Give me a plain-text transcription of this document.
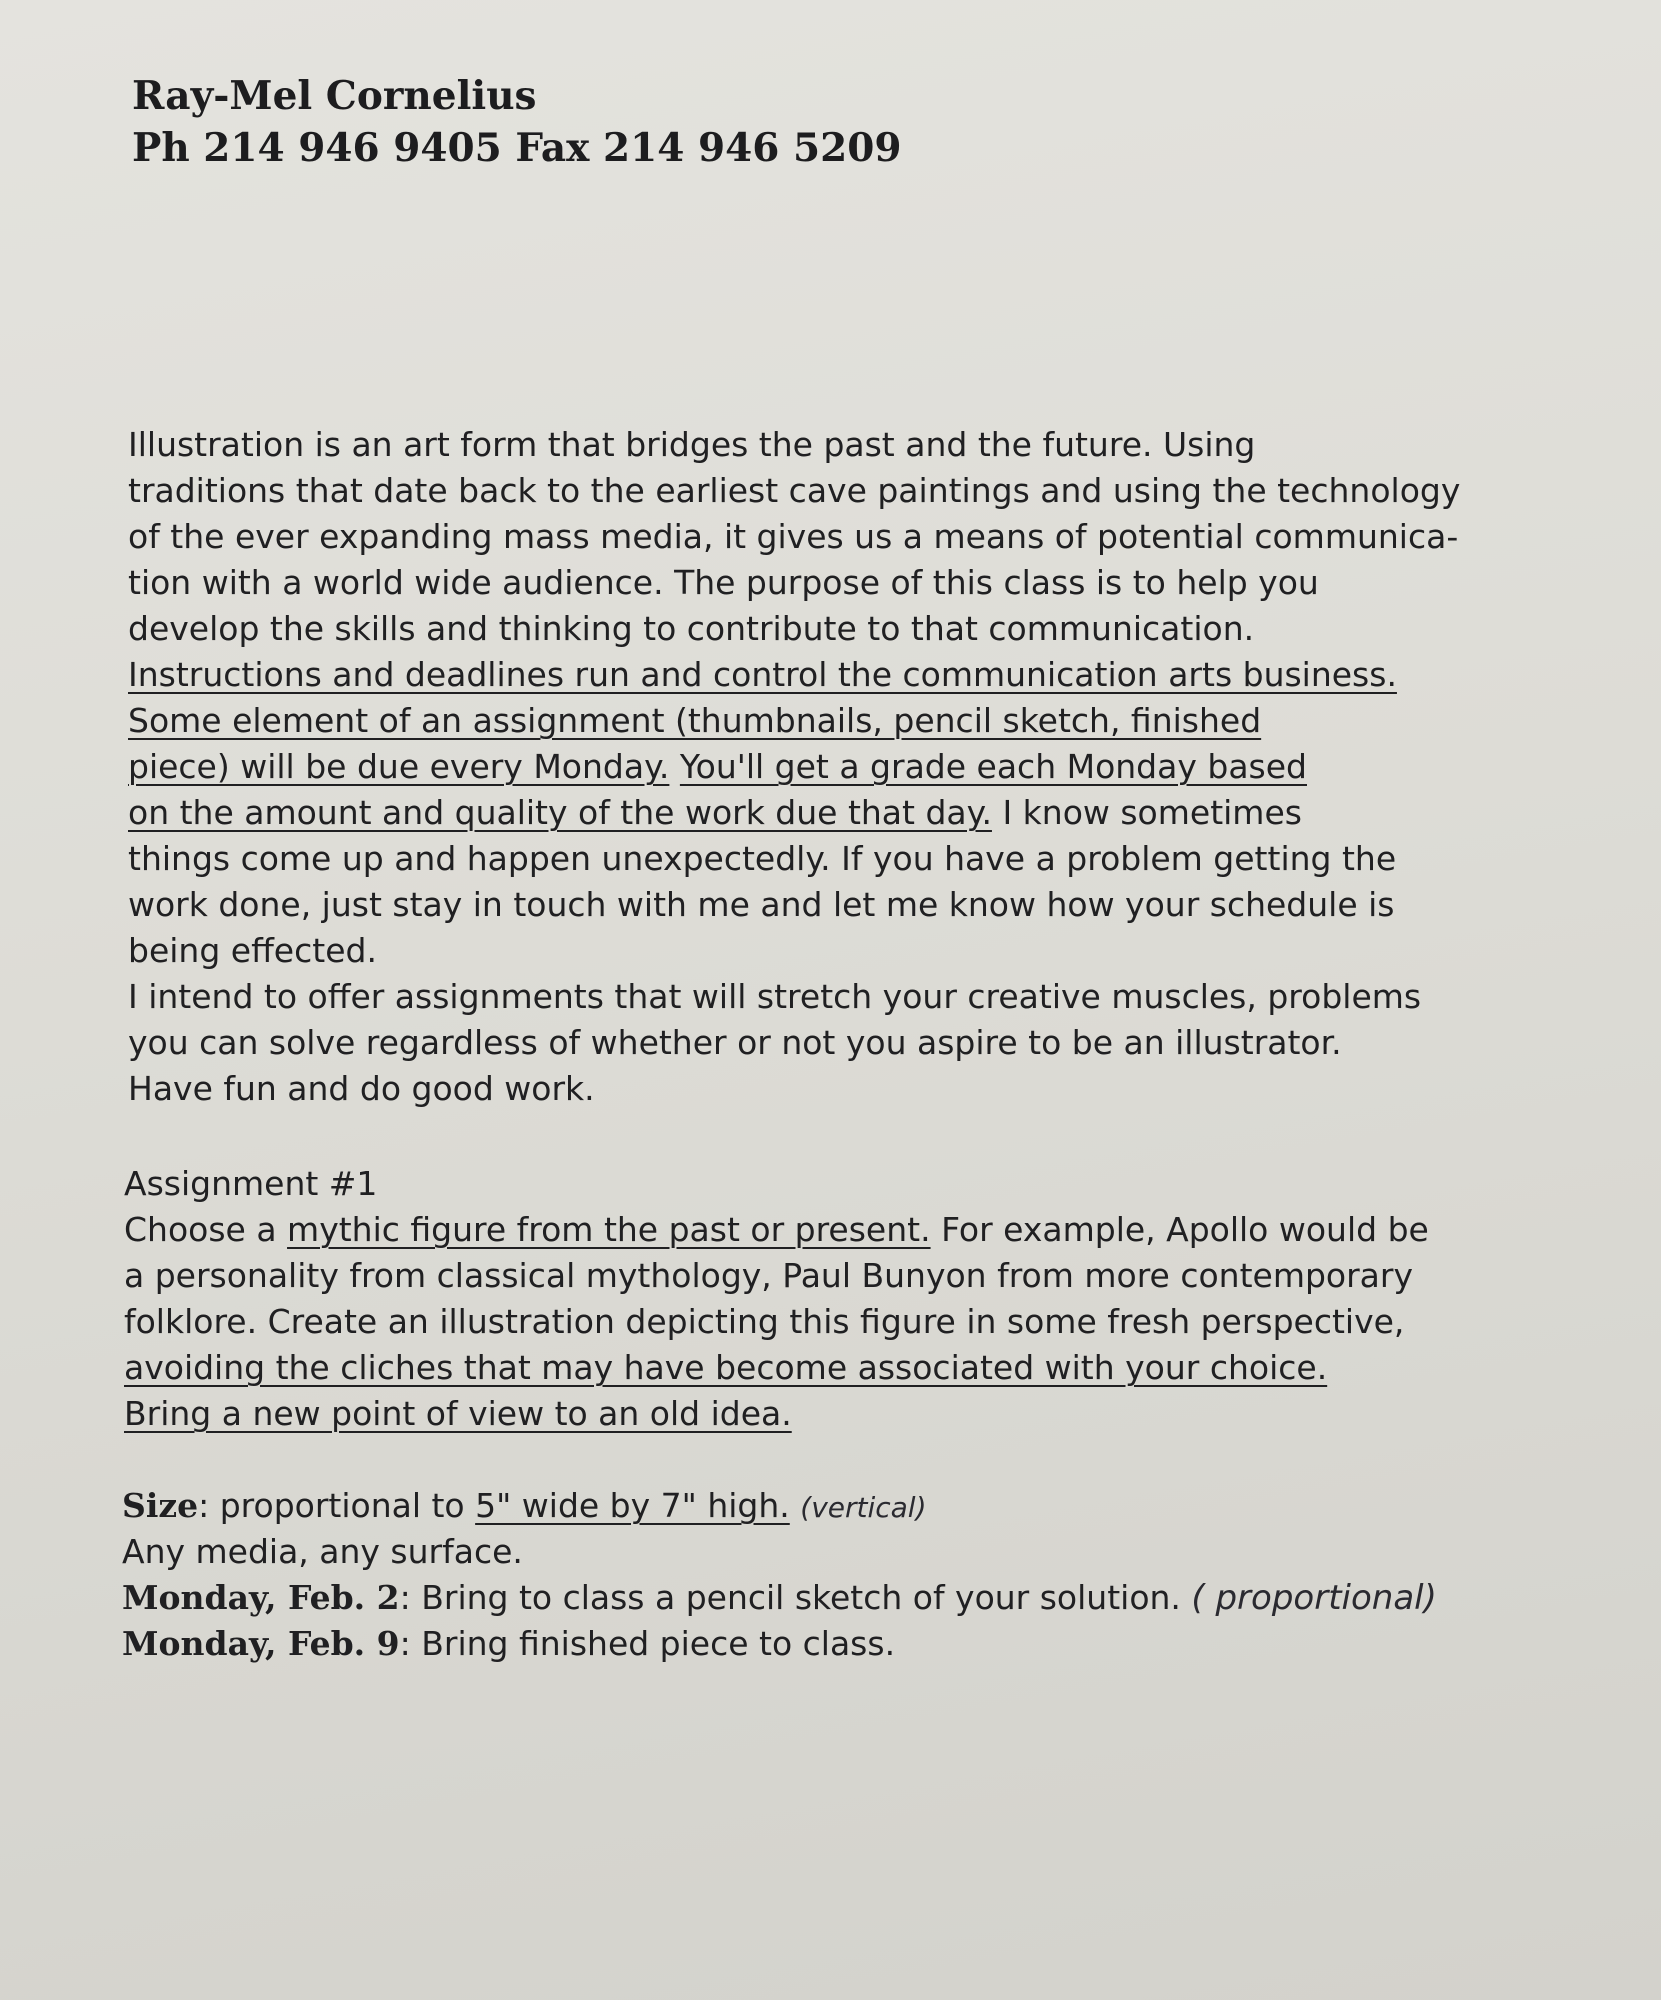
Ray-Mel Cornelius
Ph 214 946 9405 Fax 214 946 5209
Illustration is an art form that bridges the past and the future. Using
traditions that date back to the earliest cave paintings and using the technology
of the ever expanding mass media, it gives us a means of potential communica-
tion with a world wide audience. The purpose of this class is to help you
develop the skills and thinking to contribute to that communication.
Instructions and deadlines run and control the communication arts business.
Some element of an assignment (thumbnails, pencil sketch, finished
piece) will be due every Monday. You'll get a grade each Monday based
on the amount and quality of the work due that day. I know sometimes
things come up and happen unexpectedly. If you have a problem getting the
work done, just stay in touch with me and let me know how your schedule is
being effected.
I intend to offer assignments that will stretch your creative muscles, problems
you can solve regardless of whether or not you aspire to be an illustrator.
Have fun and do good work.
Assignment #1
Choose a mythic figure from the past or present. For example, Apollo would be
a personality from classical mythology, Paul Bunyon from more contemporary
folklore. Create an illustration depicting this figure in some fresh perspective,
avoiding the cliches that may have become associated with your choice.
Bring a new point of view to an old idea.
Size: proportional to 5" wide by 7" high. (vertical)
Any media, any surface.
Monday, Feb. 2: Bring to class a pencil sketch of your solution. ( proportional)
Monday, Feb. 9: Bring finished piece to class.
